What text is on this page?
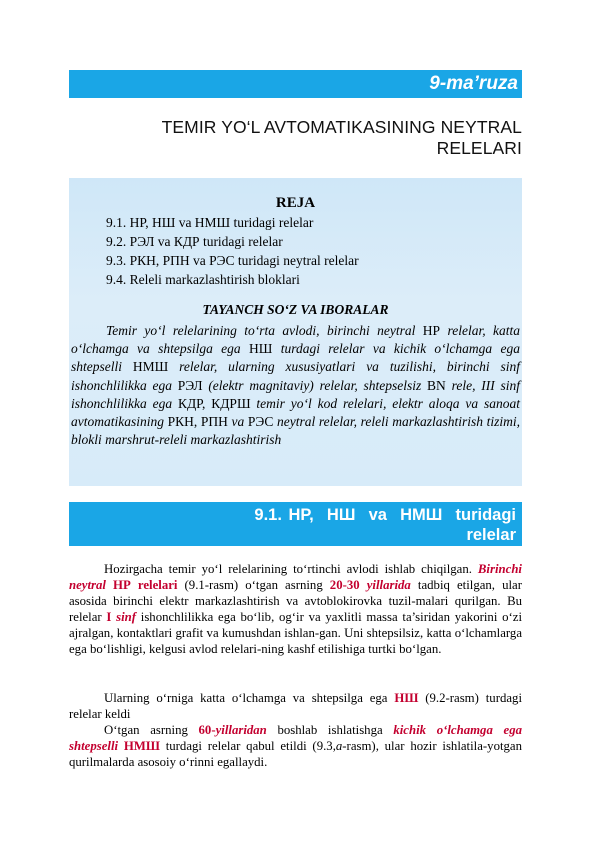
9-ma’ruza
TEMIR YO‘L AVTOMATIKASINING NEYTRAL
RELELARI
REJA
9.1. НР, НШ va НМШ turidagi relelar
9.2. РЭЛ va КДР turidagi relelar
9.3. РКН, РПН va РЭС turidagi neytral relelar
9.4. Releli markazlashtirish bloklari
TAYANCH SO‘Z VA IBORALAR
Temir yo‘l relelarining to‘rta avlodi, birinchi neytral НР relelar, katta o‘lchamga va shtepsilga ega НШ turdagi relelar va kichik o‘lchamga ega shtepselli НМШ relelar, ularning xususiyatlari va tuzilishi, birinchi sinf ishonchlilikka ega РЭЛ (elektr magnitaviy) relelar, shtepselsiz BN rele, III sinf ishonchlilikka ega КДР, КДРШ temir yo‘l kod relelari, elektr aloqa va sanoat avtomatikasining РКН, РПН va РЭС neytral relelar, releli markazlashtirish tizimi, blokli marshrut-releli markazlashtirish
9.1. НР,  НШ  va  НМШ  turidagi
relelar
Hozirgacha temir yo‘l relelarining to‘rtinchi avlodi ishlab chiqilgan. Birinchi neytral НР relelari (9.1-rasm) o‘tgan asrning 20-30 yillarida tadbiq etilgan, ular asosida birinchi elektr markazlashtirish va avtoblokirovka tuzil-malari qurilgan. Bu relelar I sinf ishonchlilikka ega bo‘lib, og‘ir va yaxlitli massa ta’siridan yakorini o‘zi ajralgan, kontaktlari grafit va kumushdan ishlan-gan. Uni shtepsilsiz, katta o‘lchamlarga ega bo‘lishligi, kelgusi avlod relelari-ning kashf etilishiga turtki bo‘lgan.
Ularning o‘rniga katta o‘lchamga va shtepsilga ega НШ (9.2-rasm) turdagi relelar keldi
O‘tgan asrning 60-yillaridan boshlab ishlatishga kichik o‘lchamga ega shtepselli НМШ turdagi relelar qabul etildi (9.3,a-rasm), ular hozir ishlatila-yotgan qurilmalarda asosoiy o‘rinni egallaydi.
